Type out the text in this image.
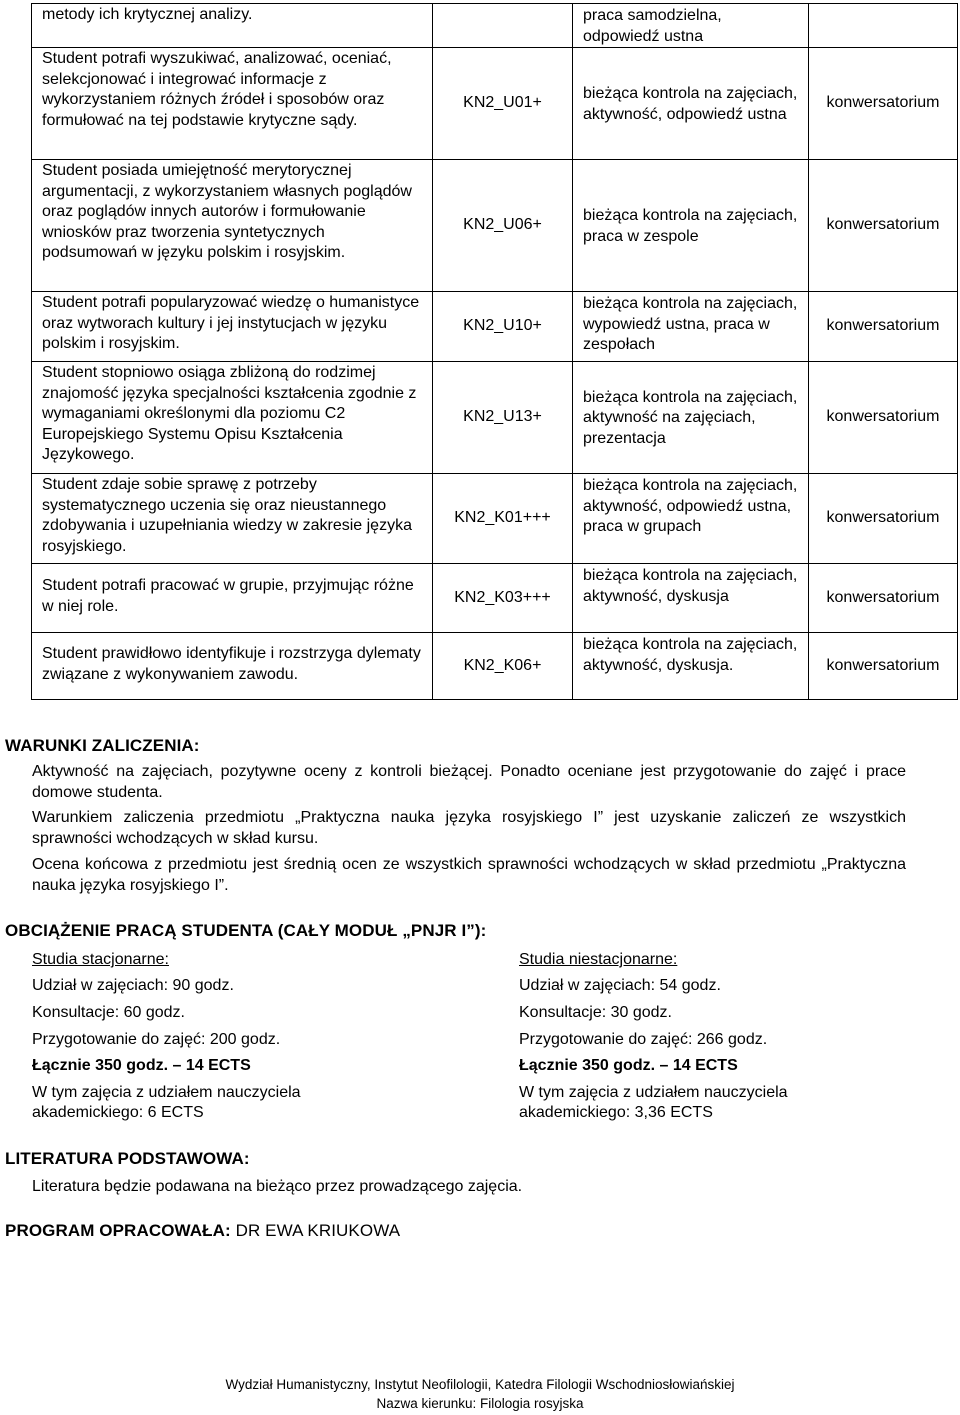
metody ich krytycznej analizy.		praca samodzielna, odpowiedź ustna	
Student potrafi wyszukiwać, analizować, oceniać, selekcjonować i integrować informacje z wykorzystaniem różnych źródeł i sposobów oraz formułować na tej podstawie krytyczne sądy.	KN2_U01+	bieżąca kontrola na zajęciach, aktywność, odpowiedź ustna	konwersatorium
Student posiada umiejętność merytorycznej argumentacji, z wykorzystaniem własnych poglądów oraz poglądów innych autorów i formułowanie wniosków praz tworzenia syntetycznych podsumowań w języku polskim i rosyjskim.	KN2_U06+	bieżąca kontrola na zajęciach, praca w zespole	konwersatorium
Student potrafi popularyzować wiedzę o humanistyce oraz wytworach kultury i jej instytucjach w języku polskim i rosyjskim.	KN2_U10+	bieżąca kontrola na zajęciach, wypowiedź ustna, praca w zespołach	konwersatorium
Student stopniowo osiąga zbliżoną do rodzimej znajomość języka specjalności kształcenia zgodnie z wymaganiami określonymi dla poziomu C2 Europejskiego Systemu Opisu Kształcenia Językowego.	KN2_U13+	bieżąca kontrola na zajęciach, aktywność na zajęciach, prezentacja	konwersatorium
Student zdaje sobie sprawę z potrzeby systematycznego uczenia się oraz nieustannego zdobywania i uzupełniania wiedzy w zakresie języka rosyjskiego.	KN2_K01+++	bieżąca kontrola na zajęciach, aktywność, odpowiedź ustna, praca w grupach	konwersatorium
Student potrafi pracować w grupie, przyjmując różne w niej role.	KN2_K03+++	bieżąca kontrola na zajęciach, aktywność, dyskusja	konwersatorium
Student prawidłowo identyfikuje i rozstrzyga dylematy związane z wykonywaniem zawodu.	KN2_K06+	bieżąca kontrola na zajęciach, aktywność, dyskusja.	konwersatorium
WARUNKI ZALICZENIA:
Aktywność na zajęciach, pozytywne oceny z kontroli bieżącej. Ponadto oceniane jest przygotowanie do zajęć i prace domowe studenta.
Warunkiem zaliczenia przedmiotu „Praktyczna nauka języka rosyjskiego I” jest uzyskanie zaliczeń ze wszystkich sprawności wchodzących w skład kursu.
Ocena końcowa z przedmiotu jest średnią ocen ze wszystkich sprawności wchodzących w skład przedmiotu „Praktyczna nauka języka rosyjskiego I”.
OBCIĄŻENIE PRACĄ STUDENTA (CAŁY MODUŁ „PNJR I”):
Studia stacjonarne:
Udział w zajęciach: 90 godz.
Konsultacje: 60 godz.
Przygotowanie do zajęć: 200 godz.
Łącznie 350 godz. – 14 ECTS
W tym zajęcia z udziałem nauczyciela
akademickiego: 6 ECTS
Studia niestacjonarne:
Udział w zajęciach: 54 godz.
Konsultacje: 30 godz.
Przygotowanie do zajęć: 266 godz.
Łącznie 350 godz. – 14 ECTS
W tym zajęcia z udziałem nauczyciela
akademickiego: 3,36 ECTS
LITERATURA PODSTAWOWA:
Literatura będzie podawana na bieżąco przez prowadzącego zajęcia.
PROGRAM OPRACOWAŁA: DR EWA KRIUKOWA
Wydział Humanistyczny, Instytut Neofilologii, Katedra Filologii Wschodniosłowiańskiej
Nazwa kierunku: Filologia rosyjska
